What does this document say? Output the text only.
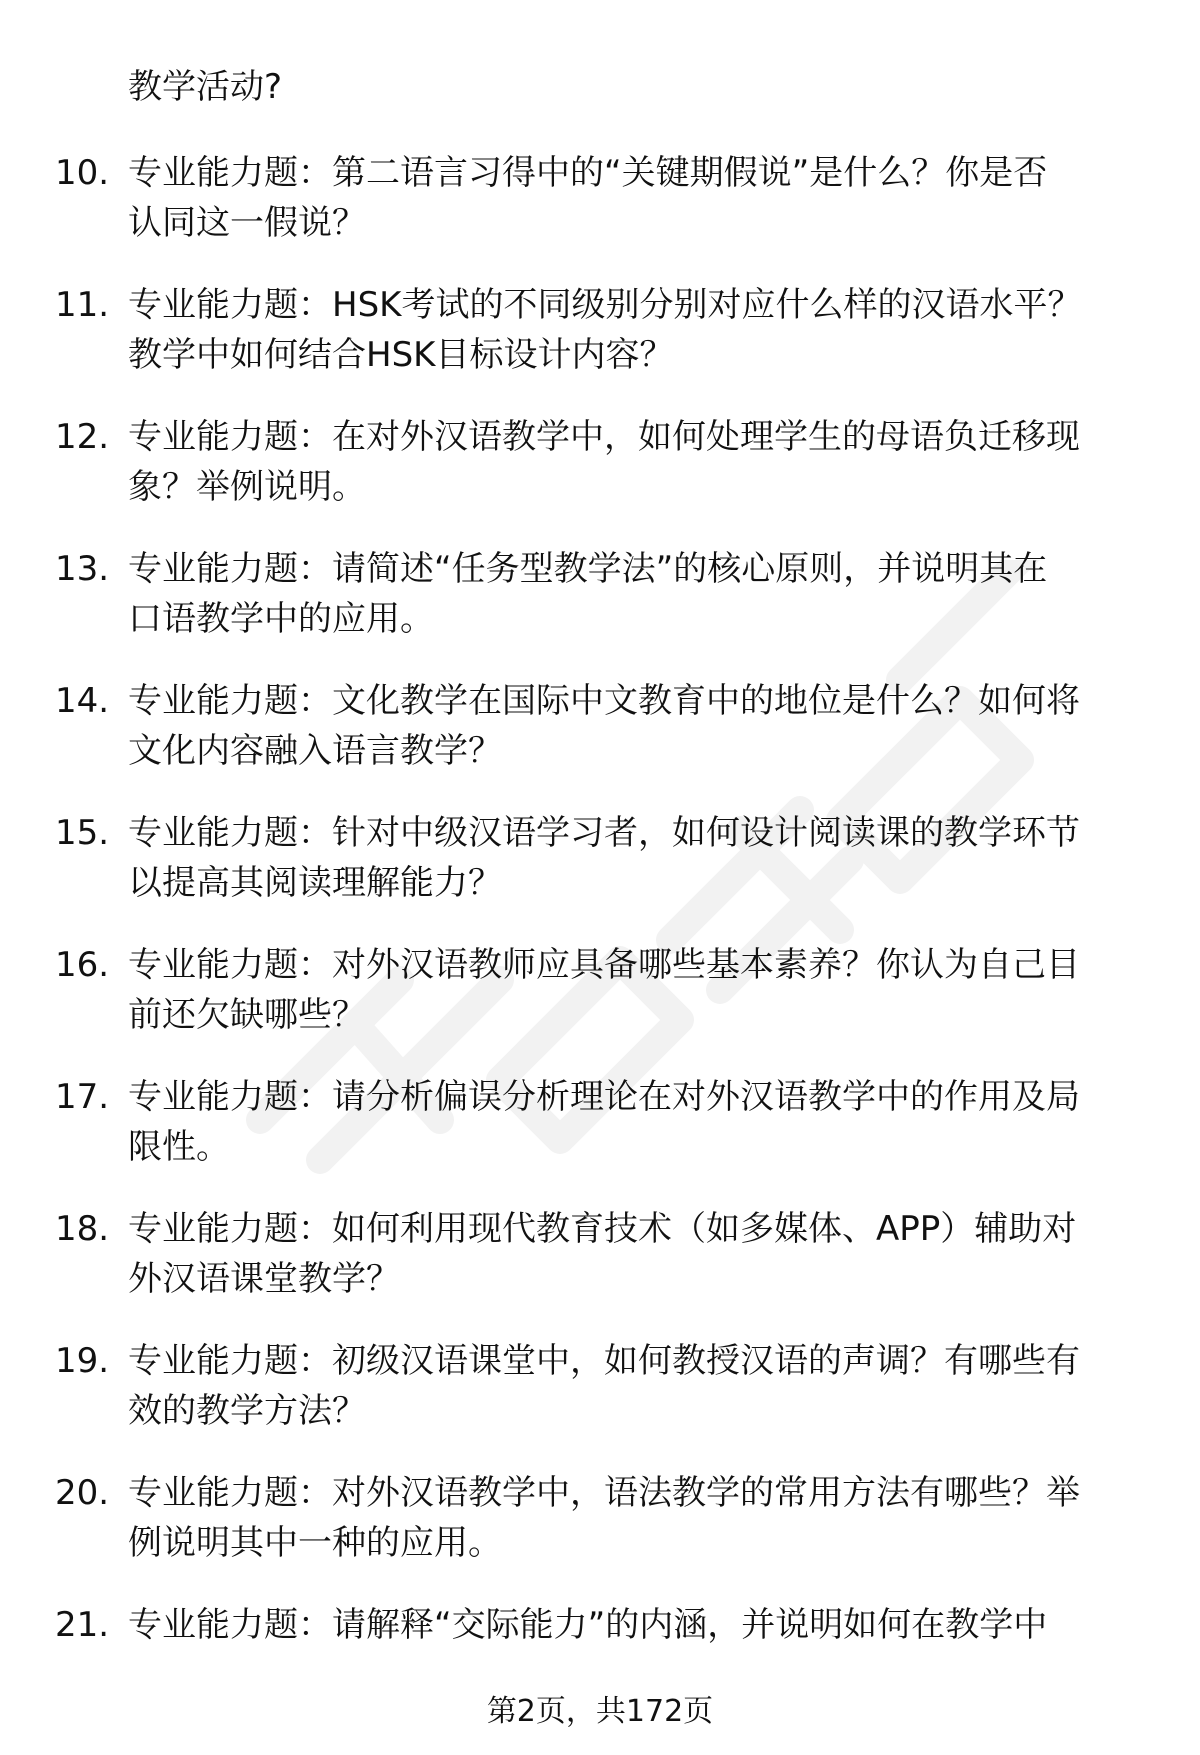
教学活动?
10. 专业能力题：第二语言习得中的“关键期假说”是什么？你是否
认同这一假说？
11. 专业能力题：HSK考试的不同级别分别对应什么样的汉语水平？
教学中如何结合HSK目标设计内容？
12. 专业能力题：在对外汉语教学中，如何处理学生的母语负迁移现
象？举例说明。
13. 专业能力题：请简述“任务型教学法”的核心原则，并说明其在
口语教学中的应用。
14. 专业能力题：文化教学在国际中文教育中的地位是什么？如何将
文化内容融入语言教学？
15. 专业能力题：针对中级汉语学习者，如何设计阅读课的教学环节
以提高其阅读理解能力？
16. 专业能力题：对外汉语教师应具备哪些基本素养？你认为自己目
前还欠缺哪些？
17. 专业能力题：请分析偏误分析理论在对外汉语教学中的作用及局
限性。
18. 专业能力题：如何利用现代教育技术（如多媒体、APP）辅助对
外汉语课堂教学？
19. 专业能力题：初级汉语课堂中，如何教授汉语的声调？有哪些有
效的教学方法？
20. 专业能力题：对外汉语教学中，语法教学的常用方法有哪些？举
例说明其中一种的应用。
21. 专业能力题：请解释“交际能力”的内涵，并说明如何在教学中
第2页，共172页
